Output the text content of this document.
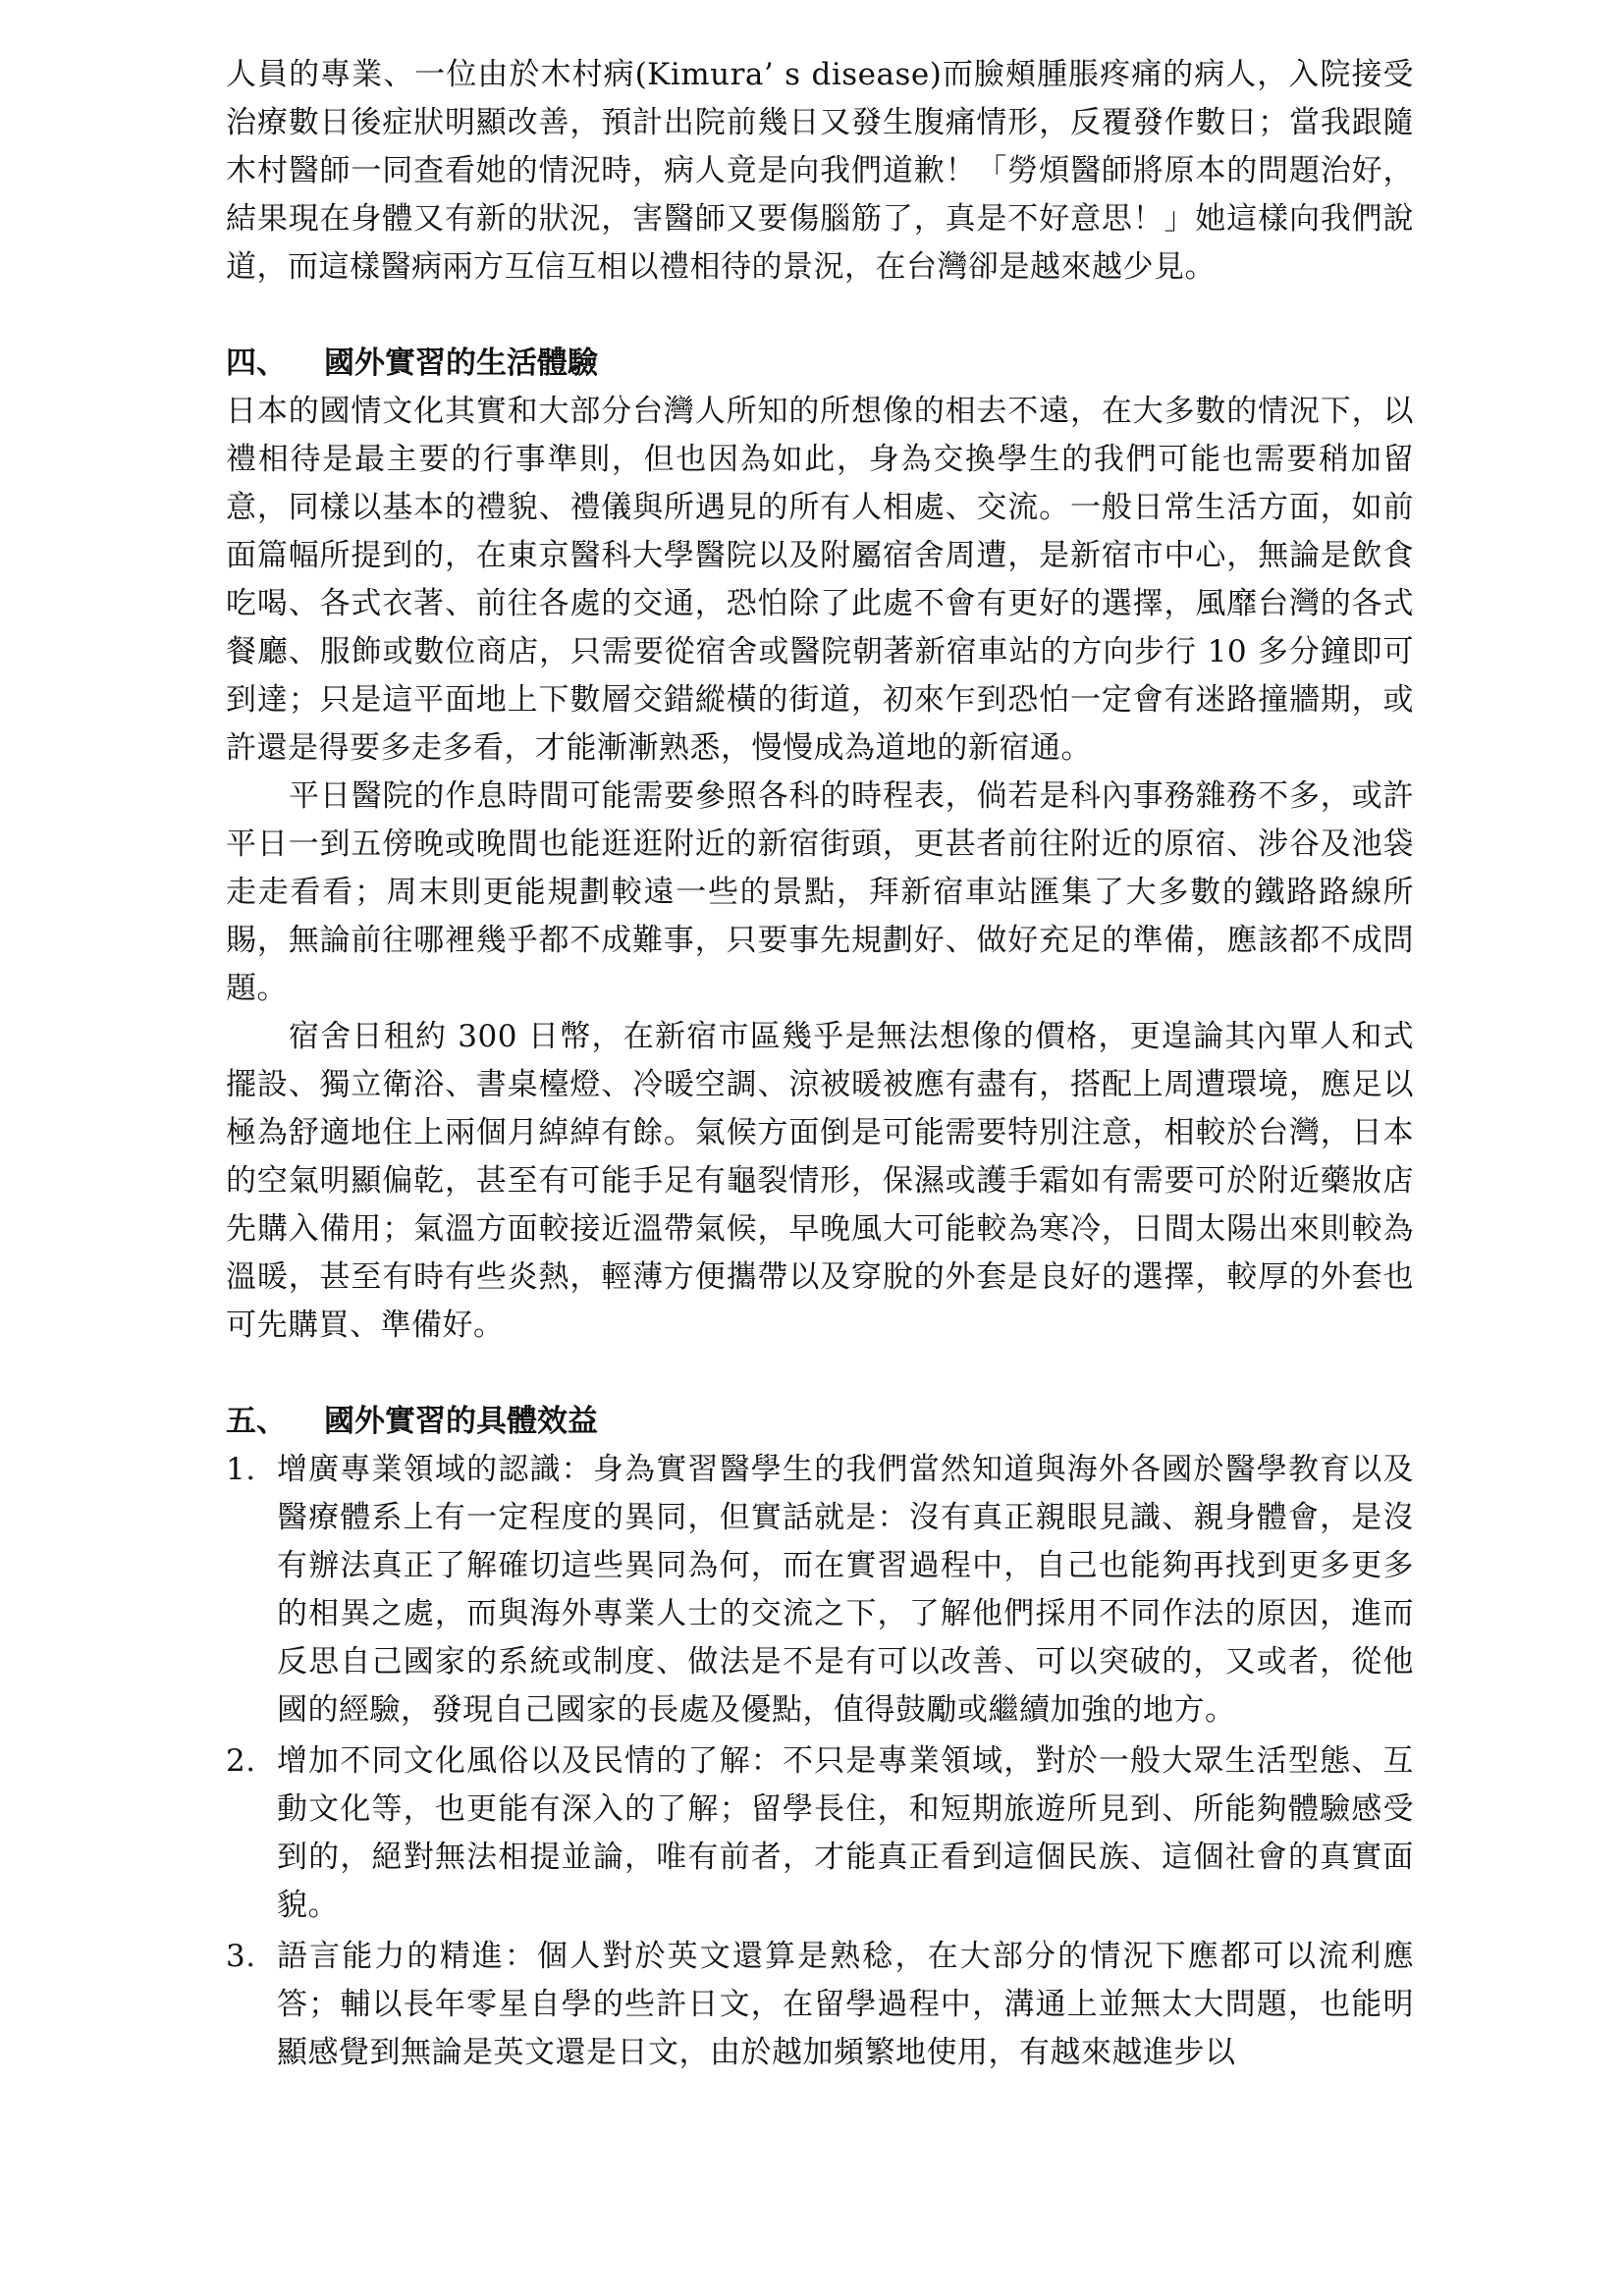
人員的專業、一位由於木村病(Kimura’ s disease)而臉頰腫脹疼痛的病人，入院接受治療數日後症狀明顯改善，預計出院前幾日又發生腹痛情形，反覆發作數日；當我跟隨木村醫師一同查看她的情況時，病人竟是向我們道歉！「勞煩醫師將原本的問題治好，結果現在身體又有新的狀況，害醫師又要傷腦筋了，真是不好意思！」她這樣向我們說道，而這樣醫病兩方互信互相以禮相待的景況，在台灣卻是越來越少見。

四、	國外實習的生活體驗

日本的國情文化其實和大部分台灣人所知的所想像的相去不遠，在大多數的情況下，以禮相待是最主要的行事準則，但也因為如此，身為交換學生的我們可能也需要稍加留意，同樣以基本的禮貌、禮儀與所遇見的所有人相處、交流。一般日常生活方面，如前面篇幅所提到的，在東京醫科大學醫院以及附屬宿舍周遭，是新宿市中心，無論是飲食吃喝、各式衣著、前往各處的交通，恐怕除了此處不會有更好的選擇，風靡台灣的各式餐廳、服飾或數位商店，只需要從宿舍或醫院朝著新宿車站的方向步行 10 多分鐘即可到達；只是這平面地上下數層交錯縱橫的街道，初來乍到恐怕一定會有迷路撞牆期，或許還是得要多走多看，才能漸漸熟悉，慢慢成為道地的新宿通。

平日醫院的作息時間可能需要參照各科的時程表，倘若是科內事務雜務不多，或許平日一到五傍晚或晚間也能逛逛附近的新宿街頭，更甚者前往附近的原宿、涉谷及池袋走走看看；周末則更能規劃較遠一些的景點，拜新宿車站匯集了大多數的鐵路路線所賜，無論前往哪裡幾乎都不成難事，只要事先規劃好、做好充足的準備，應該都不成問題。

宿舍日租約 300 日幣，在新宿市區幾乎是無法想像的價格，更遑論其內單人和式擺設、獨立衛浴、書桌檯燈、冷暖空調、涼被暖被應有盡有，搭配上周遭環境，應足以極為舒適地住上兩個月綽綽有餘。氣候方面倒是可能需要特別注意，相較於台灣，日本的空氣明顯偏乾，甚至有可能手足有龜裂情形，保濕或護手霜如有需要可於附近藥妝店先購入備用；氣溫方面較接近溫帶氣候，早晚風大可能較為寒冷，日間太陽出來則較為溫暖，甚至有時有些炎熱，輕薄方便攜帶以及穿脫的外套是良好的選擇，較厚的外套也可先購買、準備好。

五、	國外實習的具體效益
1. 增廣專業領域的認識：身為實習醫學生的我們當然知道與海外各國於醫學教育以及醫療體系上有一定程度的異同，但實話就是：沒有真正親眼見識、親身體會，是沒有辦法真正了解確切這些異同為何，而在實習過程中，自己也能夠再找到更多更多的相異之處，而與海外專業人士的交流之下，了解他們採用不同作法的原因，進而反思自己國家的系統或制度、做法是不是有可以改善、可以突破的，又或者，從他國的經驗，發現自己國家的長處及優點，值得鼓勵或繼續加強的地方。
2. 增加不同文化風俗以及民情的了解：不只是專業領域，對於一般大眾生活型態、互動文化等，也更能有深入的了解；留學長住，和短期旅遊所見到、所能夠體驗感受到的，絕對無法相提並論，唯有前者，才能真正看到這個民族、這個社會的真實面貌。
3. 語言能力的精進：個人對於英文還算是熟稔，在大部分的情況下應都可以流利應答；輔以長年零星自學的些許日文，在留學過程中，溝通上並無太大問題，也能明顯感覺到無論是英文還是日文，由於越加頻繁地使用，有越來越進步以
